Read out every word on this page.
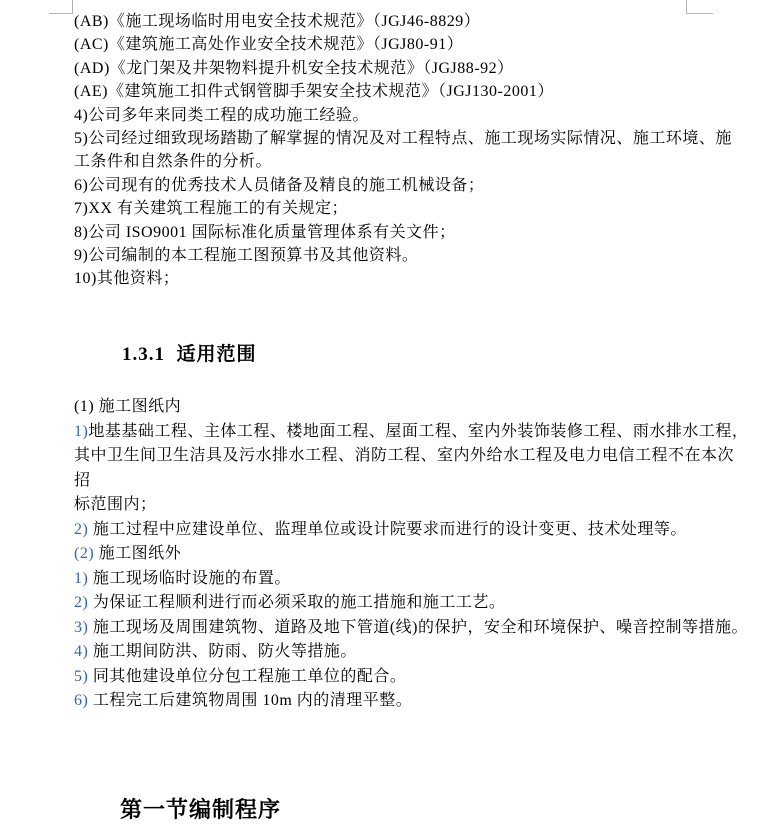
(AB)《施工现场临时用电安全技术规范》（JGJ46-8829）
(AC)《建筑施工高处作业安全技术规范》（JGJ80-91）
(AD)《龙门架及井架物料提升机安全技术规范》（JGJ88-92）
(AE)《建筑施工扣件式钢管脚手架安全技术规范》（JGJ130-2001）
4)公司多年来同类工程的成功施工经验。
5)公司经过细致现场踏勘了解掌握的情况及对工程特点、施工现场实际情况、施工环境、施
工条件和自然条件的分析。
6)公司现有的优秀技术人员储备及精良的施工机械设备；
7)XX 有关建筑工程施工的有关规定；
8)公司 ISO9001 国际标准化质量管理体系有关文件；
9)公司编制的本工程施工图预算书及其他资料。
10)其他资料；
1.3.1  适用范围
(1) 施工图纸内
1)地基基础工程、主体工程、楼地面工程、屋面工程、室内外装饰装修工程、雨水排水工程，
其中卫生间卫生洁具及污水排水工程、消防工程、室内外给水工程及电力电信工程不在本次
招
标范围内；
2) 施工过程中应建设单位、监理单位或设计院要求而进行的设计变更、技术处理等。
(2) 施工图纸外
1) 施工现场临时设施的布置。
2) 为保证工程顺利进行而必须采取的施工措施和施工工艺。
3) 施工现场及周围建筑物、道路及地下管道(线)的保护，安全和环境保护、噪音控制等措施。
4) 施工期间防洪、防雨、防火等措施。
5) 同其他建设单位分包工程施工单位的配合。
6) 工程完工后建筑物周围 10m 内的清理平整。
第一节编制程序
